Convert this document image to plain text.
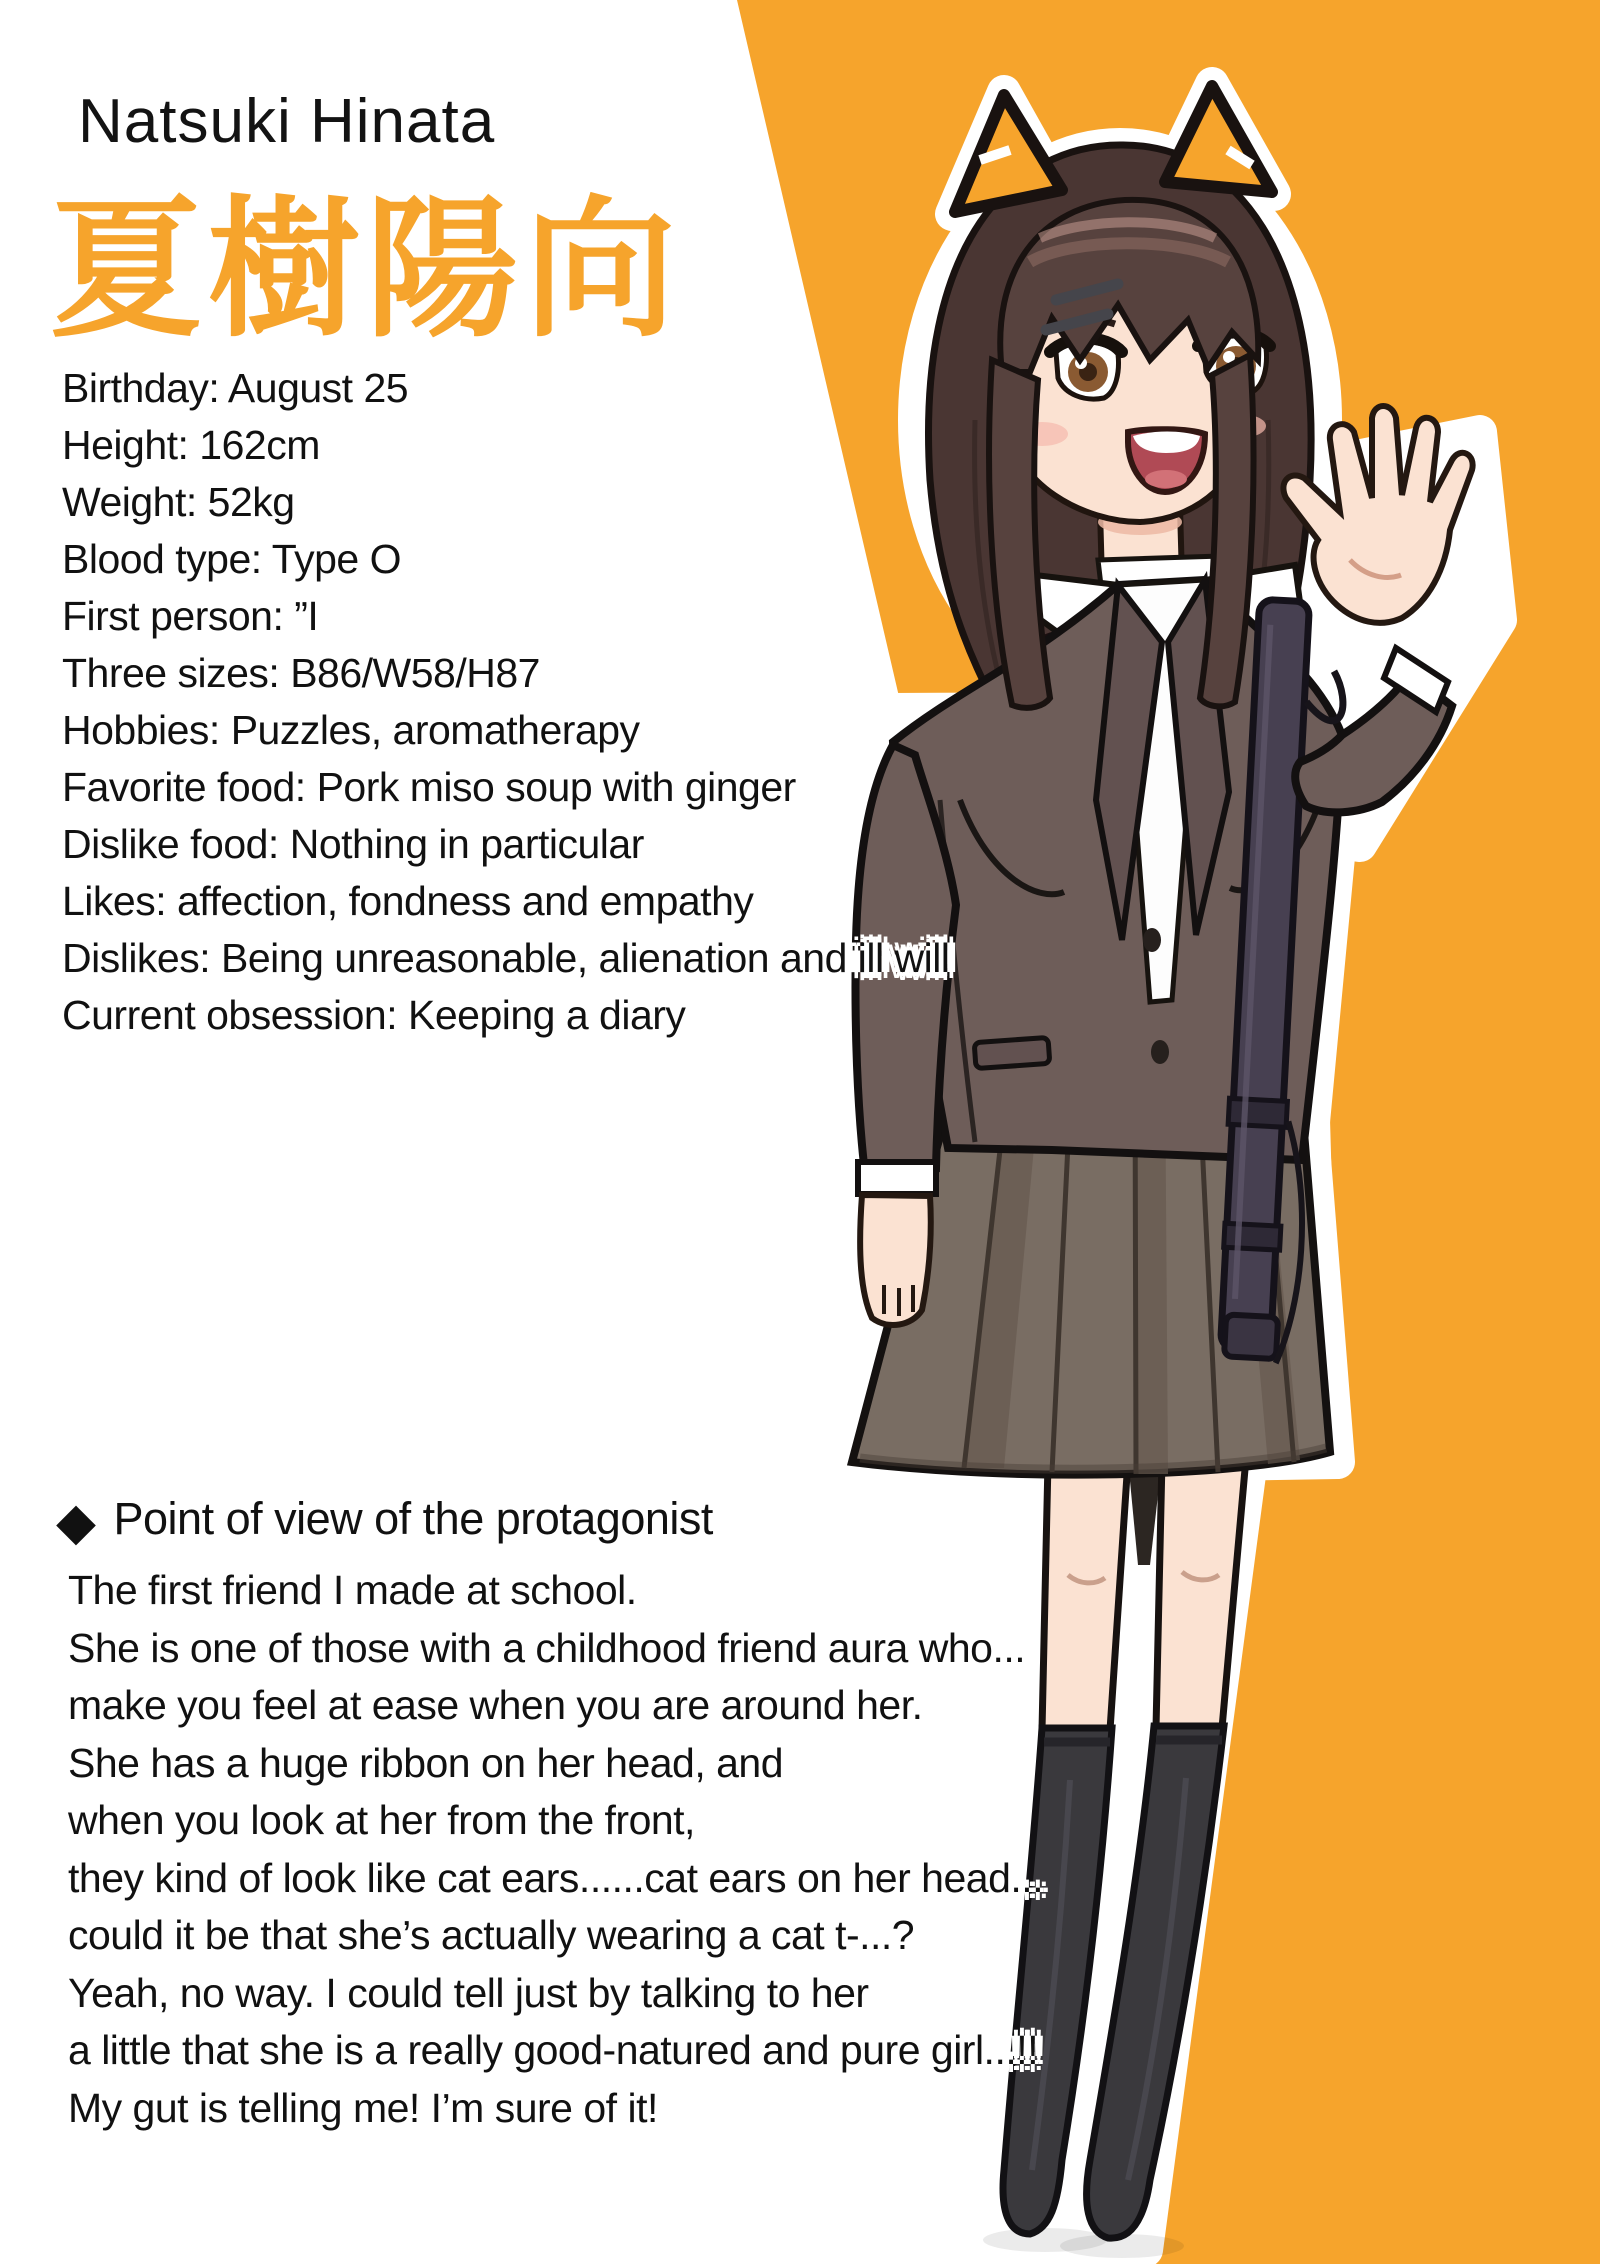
Natsuki Hinata
夏樹陽向
Birthday: August 25
Height: 162cm
Weight: 52kg
Blood type: Type O
First person: ”I
Three sizes: B86/W58/H87
Hobbies: Puzzles, aromatherapy
Favorite food: Pork miso soup with ginger
Dislike food: Nothing in particular
Likes: affection, fondness and empathy
Dislikes: Being unreasonable, alienation and ill will
Current obsession: Keeping a diary
◆ Point of view of the protagonist
The first friend I made at school.
She is one of those with a childhood friend aura who...
make you feel at ease when you are around her.
She has a huge ribbon on her head, and
when you look at her from the front,
they kind of look like cat ears......cat ears on her head...
could it be that she’s actually wearing a cat t-...?
Yeah, no way. I could tell just by talking to her
a little that she is a really good-natured and pure girl...!!
My gut is telling me! I’m sure of it!
